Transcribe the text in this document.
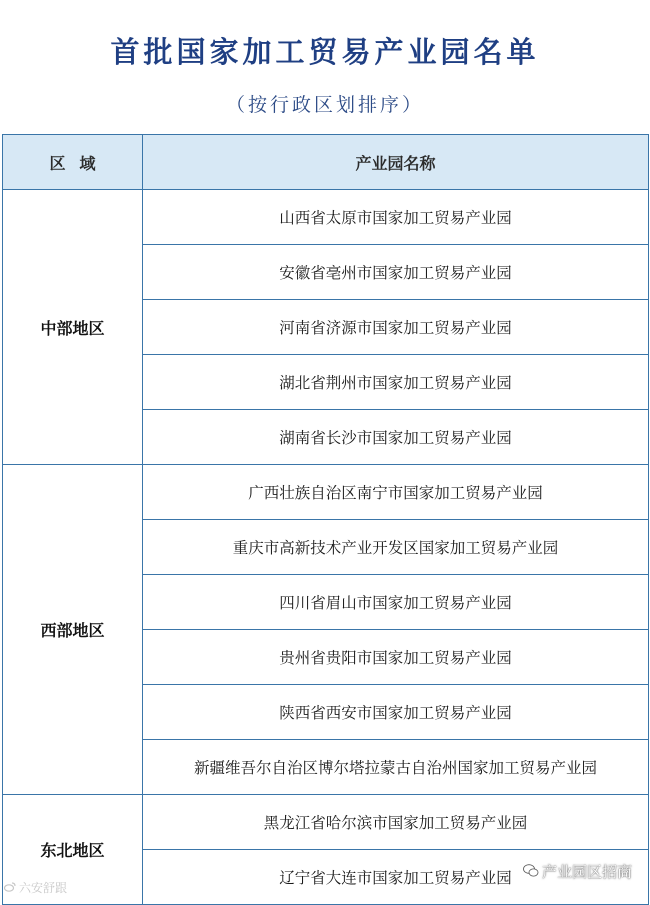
首批国家加工贸易产业园名单
（按行政区划排序）
区域	产业园名称
中部地区	山西省太原市国家加工贸易产业园
	安徽省亳州市国家加工贸易产业园
	河南省济源市国家加工贸易产业园
	湖北省荆州市国家加工贸易产业园
	湖南省长沙市国家加工贸易产业园
西部地区	广西壮族自治区南宁市国家加工贸易产业园
	重庆市高新技术产业开发区国家加工贸易产业园
	四川省眉山市国家加工贸易产业园
	贵州省贵阳市国家加工贸易产业园
	陕西省西安市国家加工贸易产业园
	新疆维吾尔自治区博尔塔拉蒙古自治州国家加工贸易产业园
东北地区	黑龙江省哈尔滨市国家加工贸易产业园
	辽宁省大连市国家加工贸易产业园
六安舒跟
产业园区招商
